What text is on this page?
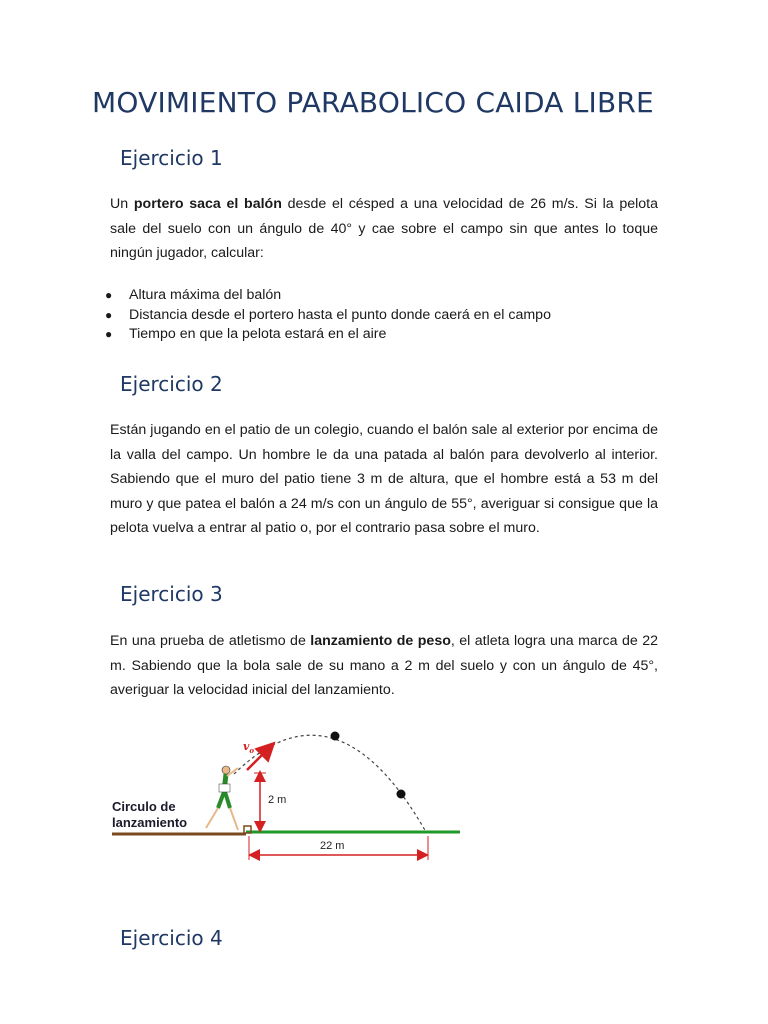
MOVIMIENTO PARABOLICO CAIDA LIBRE
Ejercicio 1

Un portero saca el balón desde el césped a una velocidad de 26 m/s. Si la pelota sale del suelo con un ángulo de 40° y cae sobre el campo sin que antes lo toque ningún jugador, calcular:

● Altura máxima del balón
● Distancia desde el portero hasta el punto donde caerá en el campo
● Tiempo en que la pelota estará en el aire
Ejercicio 2

Están jugando en el patio de un colegio, cuando el balón sale al exterior por encima de la valla del campo. Un hombre le da una patada al balón para devolverlo al interior. Sabiendo que el muro del patio tiene 3 m de altura, que el hombre está a 53 m del muro y que patea el balón a 24 m/s con un ángulo de 55°, averiguar si consigue que la pelota vuelva a entrar al patio o, por el contrario pasa sobre el muro.

Ejercicio 3

En una prueba de atletismo de lanzamiento de peso, el atleta logra una marca de 22 m. Sabiendo que la bola sale de su mano a 2 m del suelo y con un ángulo de 45°, averiguar la velocidad inicial del lanzamiento.

$v_o$
2 m
22 m
Circulo de
lanzamiento
Ejercicio 4
